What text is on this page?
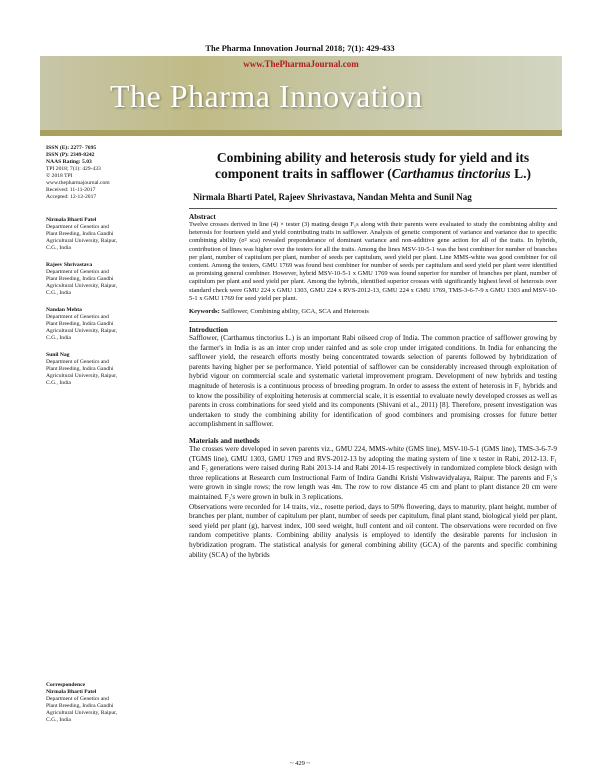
The Pharma Innovation Journal 2018; 7(1): 429-433
www.ThePharmaJournal.com
The Pharma Innovation
ISSN (E): 2277- 7695
ISSN (P): 2349-8242
NAAS Rating: 5.03
TPI 2018; 7(1): 429-433
© 2018 TPI
www.thepharmajournal.com
Received: 11-11-2017
Accepted: 12-12-2017
Nirmala Bharti Patel
Department of Genetics and
Plant Breeding, Indira Gandhi
Agricultural University, Raipur,
C.G., India
Rajeev Shrivastava
Department of Genetics and
Plant Breeding, Indira Gandhi
Agricultural University, Raipur,
C.G., India
Nandan Mehta
Department of Genetics and
Plant Breeding, Indira Gandhi
Agricultural University, Raipur,
C.G., India
Sunil Nag
Department of Genetics and
Plant Breeding, Indira Gandhi
Agricultural University, Raipur,
C.G., India
Correspondence
Nirmala Bharti Patel
Department of Genetics and
Plant Breeding, Indira Gandhi
Agricultural University, Raipur,
C.G., India
Combining ability and heterosis study for yield and its component traits in safflower (Carthamus tinctorius L.)

Nirmala Bharti Patel, Rajeev Shrivastava, Nandan Mehta and Sunil Nag

Abstract

Twelve crosses derived in line (4) × tester (3) mating design F₁s along with their parents were evaluated to study the combining ability and heterosis for fourteen yield and yield contributing traits in safflower. Analysis of genetic component of variance and variance due to specific combining ability (σ² sca) revealed preponderance of dominant variance and non-additive gene action for all of the traits. In hybrids, contribution of lines was higher over the testers for all the traits. Among the lines MSV-10-5-1 was the best combiner for number of branches per plant, number of capitulum per plant, number of seeds per capitulum, seed yield per plant. Line MMS-white was good combiner for oil content. Among the testers, GMU 1769 was found best combiner for number of seeds per capitulum and seed yield per plant were identified as promising general combiner. However, hybrid MSV-10-5-1 x GMU 1769 was found superior for number of branches per plant, number of capitulum per plant and seed yield per plant. Among the hybrids, identified superior crosses with significantly highest level of heterosis over standard check were GMU 224 x GMU 1303, GMU 224 x RVS-2012-13, GMU 224 x GMU 1769, TMS-3-6-7-9 x GMU 1303 and MSV-10-5-1 x GMU 1769 for seed yield per plant.

Keywords: Safflower, Combining ability, GCA, SCA and Heterosis

Introduction

Safflower, (Carthamus tinctorius L.) is an important Rabi oilseed crop of India. The common practice of safflower growing by the farmer's in India is as an inter crop under rainfed and as sole crop under irrigated conditions. In India for enhancing the safflower yield, the research efforts mostly being concentrated towards selection of parents followed by hybridization of parents having higher per se performance. Yield potential of safflower can be considerably increased through exploitation of hybrid vigour on commercial scale and systematic varietal improvement program. Development of new hybrids and testing magnitude of heterosis is a continuous process of breeding program. In order to assess the extent of heterosis in F₁ hybrids and to know the possibility of exploiting heterosis at commercial scale, it is essential to evaluate newly developed crosses as well as parents in cross combinations for seed yield and its components (Shivani et al., 2011) [8]. Therefore, present investigation was undertaken to study the combining ability for identification of good combiners and promising crosses for future better accomplishment in safflower.

Materials and methods

The crosses were developed in seven parents viz., GMU 224, MMS-white (GMS line), MSV-10-5-1 (GMS line), TMS-3-6-7-9 (TGMS line), GMU 1303, GMU 1769 and RVS-2012-13 by adopting the mating system of line x tester in Rabi, 2012-13. F₁ and F₂ generations were raised during Rabi 2013-14 and Rabi 2014-15 respectively in randomized complete block design with three replications at Research cum Instructional Farm of Indira Gandhi Krishi Vishwavidyalaya, Raipur. The parents and F₁'s were grown in single rows; the row length was 4m. The row to row distance 45 cm and plant to plant distance 20 cm were maintained. F₂'s were grown in bulk in 3 replications.

Observations were recorded for 14 traits, viz., rosette period, days to 50% flowering, days to maturity, plant height, number of branches per plant, number of capitulum per plant, number of seeds per capitulum, final plant stand, biological yield per plant, seed yield per plant (g), harvest index, 100 seed weight, hull content and oil content. The observations were recorded on five random competitive plants. Combining ability analysis is employed to identify the desirable parents for inclusion in hybridization program. The statistical analysis for general combining ability (GCA) of the parents and specific combining ability (SCA) of the hybrids

~ 429 ~
